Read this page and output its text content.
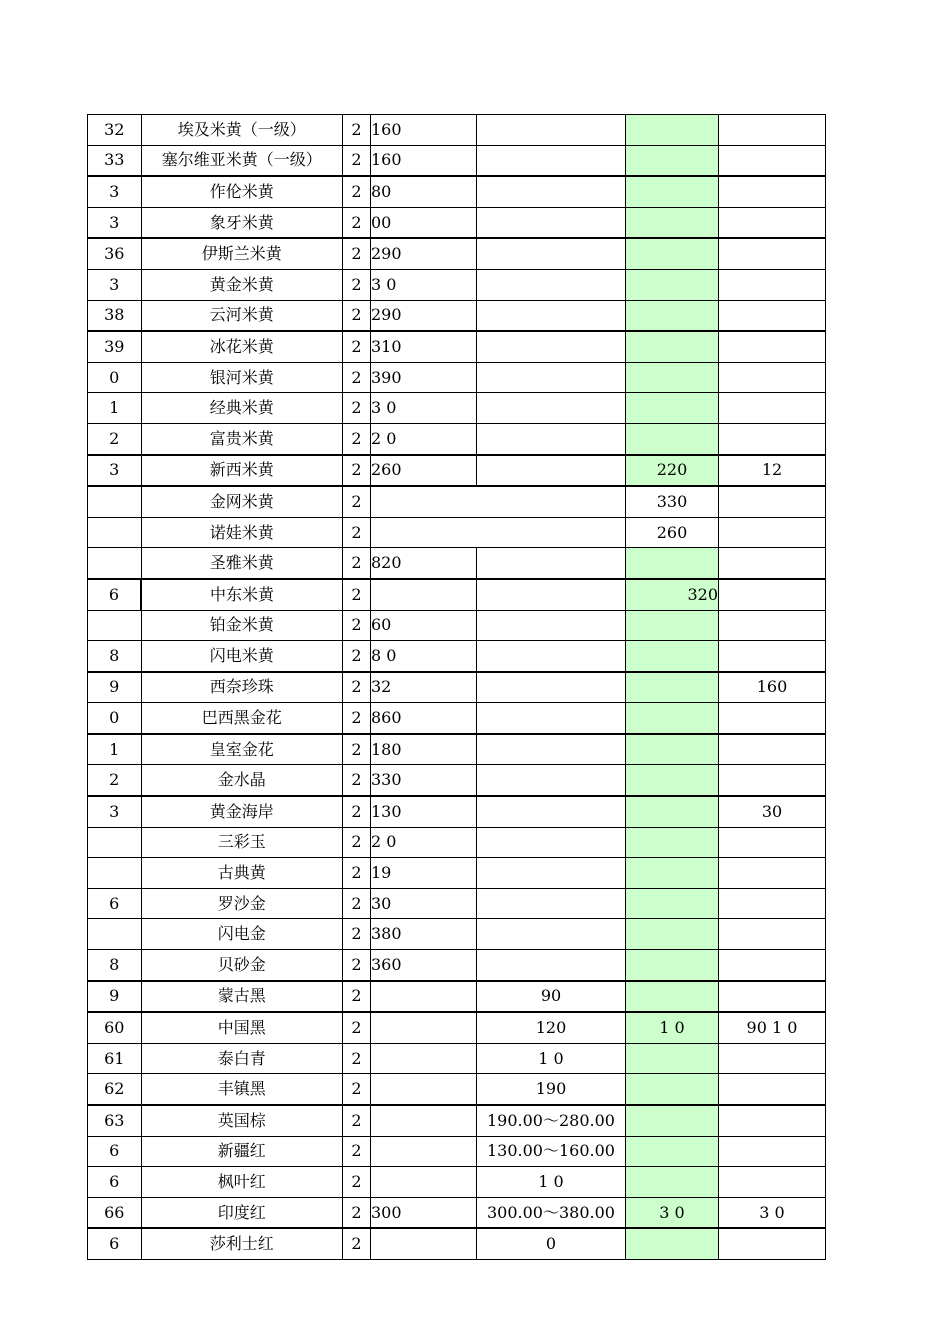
32	埃及米黄（一级）	2	160			
33	塞尔维亚米黄（一级）	2	160			
3	作伦米黄	2	80			
3	象牙米黄	2	00			
36	伊斯兰米黄	2	290			
3	黄金米黄	2	3 0			
38	云河米黄	2	290			
39	冰花米黄	2	310			
0	银河米黄	2	390			
1	经典米黄	2	3 0			
2	富贵米黄	2	2 0			
3	新西米黄	2	260		220	12
	金网米黄	2			330	
	诺娃米黄	2			260	
	圣雅米黄	2	820			
6	中东米黄	2			320	
	铂金米黄	2	60			
8	闪电米黄	2	8 0			
9	西奈珍珠	2	32			160
0	巴西黑金花	2	860			
1	皇室金花	2	180			
2	金水晶	2	330			
3	黄金海岸	2	130			30
	三彩玉	2	2 0			
	古典黄	2	19			
6	罗沙金	2	30			
	闪电金	2	380			
8	贝砂金	2	360			
9	蒙古黑	2		90		
60	中国黑	2		120	1 0	90 1 0
61	泰白青	2		1 0		
62	丰镇黑	2		190		
63	英国棕	2		190.00～280.00		
6	新疆红	2		130.00～160.00		
6	枫叶红	2		1 0		
66	印度红	2	300	300.00～380.00	3 0	3 0
6	莎利士红	2		0		
